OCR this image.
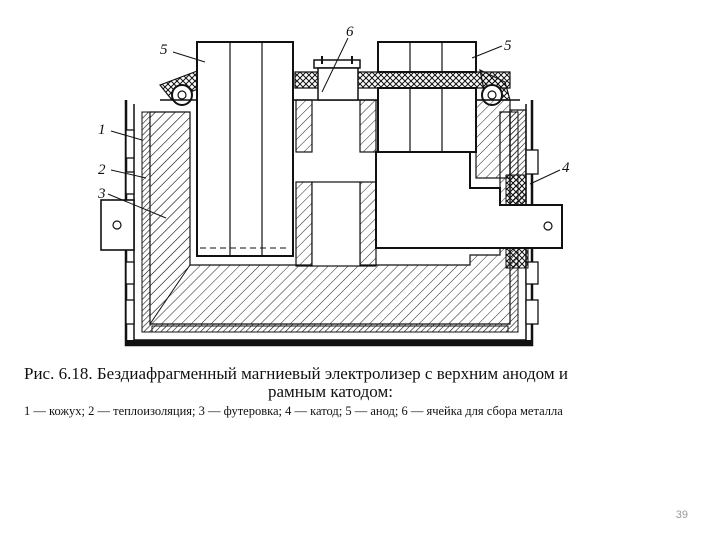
1
2
3
4
5	5
6
Рис. 6.18. Бездиафрагменный магниевый электролизер с верхним анодом и
рамным катодом:
1 — кожух; 2 — теплоизоляция; 3 — футеровка; 4 — катод; 5 — анод; 6 — ячейка для сбора металла
39
